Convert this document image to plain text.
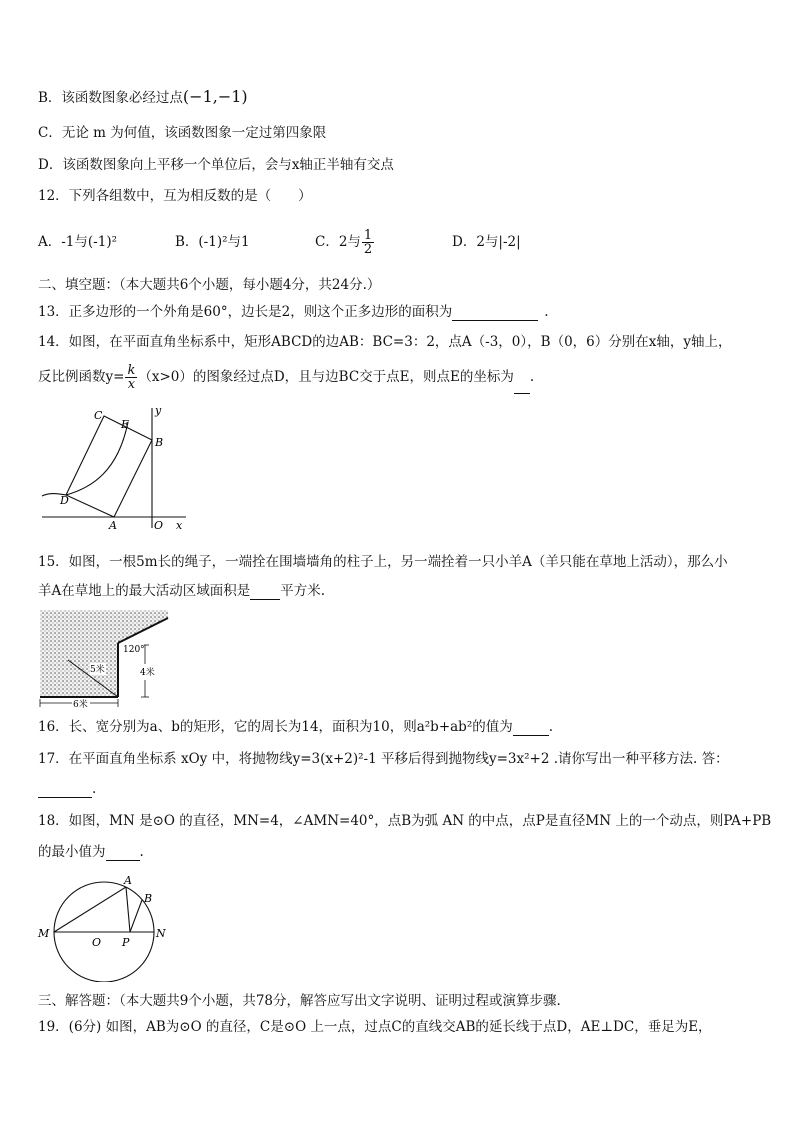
B．该函数图象必经过点(−1,−1)
C．无论 m 为何值，该函数图象一定过第四象限
D．该函数图象向上平移一个单位后，会与x轴正半轴有交点
12．下列各组数中，互为相反数的是（　　）
A．-1与(-1)²	B．(-1)²与1	C．2与 $\frac{1}{2}$	D．2与|-2|
二、填空题：（本大题共6个小题，每小题4分，共24分.）
13．正多边形的一个外角是60°，边长是2，则这个正多边形的面积为	.
14．如图，在平面直角坐标系中，矩形ABCD的边AB：BC=3：2，点A（-3，0），B（0，6）分别在x轴，y轴上，
反比例函数$y= \frac{k}{x} (x>0)$的图象经过点D，且与边BC交于点E，则点E的坐标为 .
C
E
B
D
A	O x
y
15．如图，一根5m长的绳子，一端拴在围墙墙角的柱子上，另一端拴着一只小羊A（羊只能在草地上活动），那么小
羊A在草地上的最大活动区域面积是 平方米.
120°
5米	4米
6米
16．长、宽分别为a、b的矩形，它的周长为14，面积为10，则a²b+ab²的值为	.
17．在平面直角坐标系 xOy 中，将抛物线y=3(x+2)²-1 平移后得到抛物线y=3x²+2 .请你写出一种平移方法. 答：
.
18．如图，MN 是⊙O 的直径，MN=4，∠AMN=40°，点B为弧 AN 的中点，点P是直径MN 上的一个动点，则PA+PB
的最小值为	.
A
B
M
O P
N
三、解答题：（本大题共9个小题，共78分，解答应写出文字说明、证明过程或演算步骤.
19．(6分) 如图，AB为⊙O 的直径，C是⊙O 上一点，过点C的直线交AB的延长线于点D，AE⊥DC，垂足为E，
